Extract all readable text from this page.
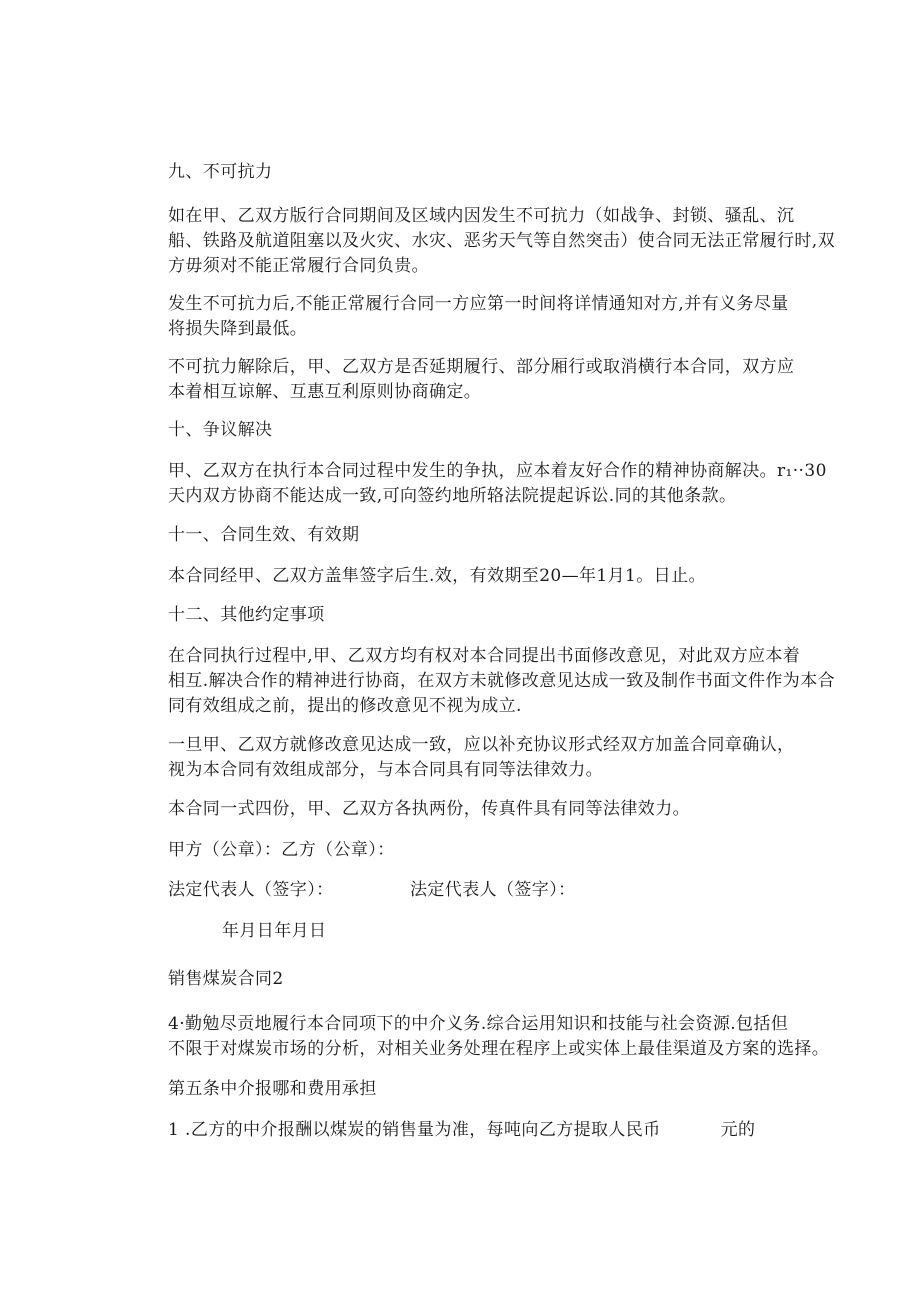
九、不可抗力
如在甲、乙双方版行合同期间及区域内因发生不可抗力（如战争、封锁、骚乱、沉
船、铁路及航道阻塞以及火灾、水灾、恶劣天气等自然突击）使合同无法正常履行时,双
方毋须对不能正常履行合同负贵。
发生不可抗力后,不能正常履行合同一方应第一时间将详情通知对方,并有义务尽量
将损失降到最低。
不可抗力解除后，甲、乙双方是否延期履行、部分厢行或取消横行本合同，双方应
本着相互谅解、互惠互利原则协商确定。
十、争议解决
甲、乙双方在执行本合同过程中发生的争执，应本着友好合作的精神协商解决。r₁··30
天内双方协商不能达成一致,可向签约地所辂法院提起诉讼.同的其他条款。
十一、合同生效、有效期
本合同经甲、乙双方盖隼签字后生.效，有效期至20—年1月1。日止。
十二、其他约定事项
在合同执行过程中,甲、乙双方均有权对本合同提出书面修改意见，对此双方应本着
相互.解决合作的精神进行协商，在双方未就修改意见达成一致及制作书面文件作为本合
同有效组成之前，提出的修改意见不视为成立.
一旦甲、乙双方就修改意见达成一致，应以补充协议形式经双方加盖合同章确认，
视为本合同有效组成部分，与本合同具有同等法律效力。
本合同一式四份，甲、乙双方各执两份，传真件具有同等法律效力。
甲方（公章）：乙方（公章）：
法定代表人（签字）：	法定代表人（签字）：
年月日年月日
销售煤炭合同2
4·勤勉尽贡地履行本合同项下的中介义务.综合运用知识和技能与社会资源.包括但
不限于对煤炭市场的分析，对相关业务处理在程序上或实体上最佳渠道及方案的选择。
第五条中介报哪和费用承担
1 .乙方的中介报酬以煤炭的销售量为准，每吨向乙方提取人民币	元的
